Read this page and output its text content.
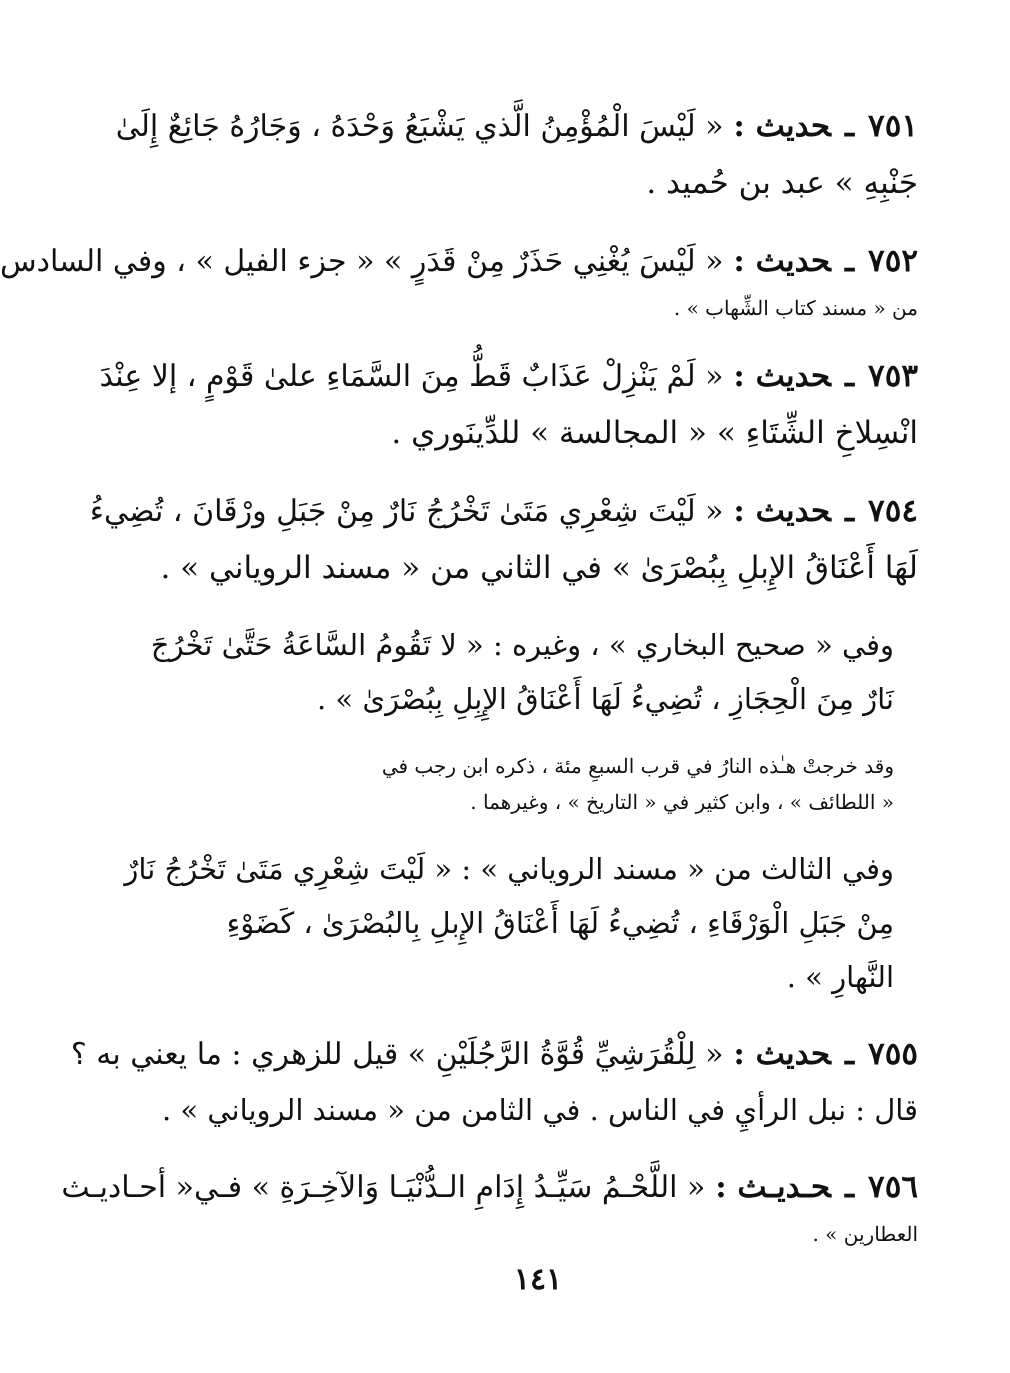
٧٥١ـحديث : « لَيْسَ الْمُؤْمِنُ الَّذي يَشْبَعُ وَحْدَهُ ، وَجَارُهُ جَائِعٌ إِلَىٰ
جَنْبِهِ » عبد بن حُميد .
٧٥٢ـحديث : « لَيْسَ يُغْنِي حَذَرٌ مِنْ قَدَرٍ » « جزء الفيل » ، وفي السادس
من « مسند كتاب الشِّهاب » .
٧٥٣ـحديث : « لَمْ يَنْزِلْ عَذَابٌ قَطُّ مِنَ السَّمَاءِ علىٰ قَوْمٍ ، إلا عِنْدَ
انْسِلاخِ الشِّتَاءِ » « المجالسة » للدِّينَوري .
٧٥٤ـحديث : « لَيْتَ شِعْرِي مَتَىٰ تَخْرُجُ نَارٌ مِنْ جَبَلِ ورْقَانَ ، تُضِيءُ
لَهَا أَعْنَاقُ الإِبلِ بِبُصْرَىٰ » في الثاني من « مسند الروياني » .
وفي « صحيح البخاري » ، وغيره : « لا تَقُومُ السَّاعَةُ حَتَّىٰ تَخْرُجَ
نَارٌ مِنَ الْحِجَازِ ، تُضِيءُ لَهَا أَعْنَاقُ الإِبِلِ بِبُصْرَىٰ » .
وقد خرجتْ هـٰذه النارُ في قرب السبعِ مئة ، ذكره ابن رجب في
« اللطائف » ، وابن كثير في « التاريخ » ، وغيرهما .
وفي الثالث من « مسند الروياني » : « لَيْتَ شِعْرِي مَتَىٰ تَخْرُجُ نَارٌ
مِنْ جَبَلِ الْوَرْقَاءِ ، تُضِيءُ لَهَا أَعْنَاقُ الإِبلِ بِالبُصْرَىٰ ، كَضَوْءِ
النَّهارِ » .
٧٥٥ـحديث : « لِلْقُرَشِيِّ قُوَّةُ الرَّجُلَيْنِ » قيل للزهري : ما يعني به ؟
قال : نبل الرأيِ في الناس . في الثامن من « مسند الروياني » .
٧٥٦ـحـديـث : « اللَّحْـمُ سَيِّـدُ إِدَامِ الـدُّنْيَـا وَالآخِـرَةِ » فـي« أحـاديـث
العطارين » .
١٤١
